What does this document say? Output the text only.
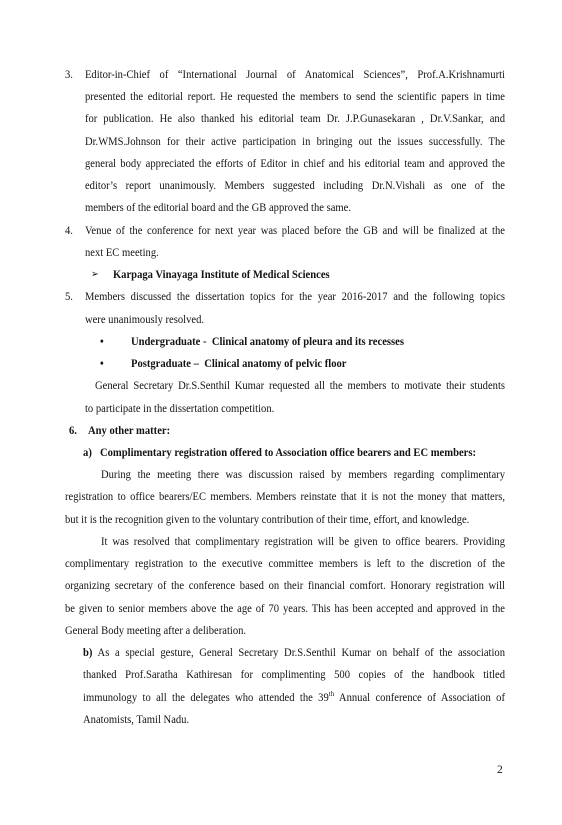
3. Editor-in-Chief of “International Journal of Anatomical Sciences”, Prof.A.Krishnamurti
presented the editorial report. He requested the members to send the scientific papers in time
for publication. He also thanked his editorial team Dr. J.P.Gunasekaran , Dr.V.Sankar, and
Dr.WMS.Johnson for their active participation in bringing out the issues successfully. The
general body appreciated the efforts of Editor in chief and his editorial team and approved the
editor’s report unanimously. Members suggested including Dr.N.Vishali as one of the
members of the editorial board and the GB approved the same.
4. Venue of the conference for next year was placed before the GB and will be finalized at the
next EC meeting.
➢ Karpaga Vinayaga Institute of Medical Sciences
5. Members discussed the dissertation topics for the year 2016-2017 and the following topics
were unanimously resolved.
• Undergraduate -  Clinical anatomy of pleura and its recesses
• Postgraduate –  Clinical anatomy of pelvic floor
General Secretary Dr.S.Senthil Kumar requested all the members to motivate their students
to participate in the dissertation competition.
6. Any other matter:
a) Complimentary registration offered to Association office bearers and EC members:
During the meeting there was discussion raised by members regarding complimentary
registration to office bearers/EC members. Members reinstate that it is not the money that matters,
but it is the recognition given to the voluntary contribution of their time, effort, and knowledge.
It was resolved that complimentary registration will be given to office bearers. Providing
complimentary registration to the executive committee members is left to the discretion of the
organizing secretary of the conference based on their financial comfort. Honorary registration will
be given to senior members above the age of 70 years. This has been accepted and approved in the
General Body meeting after a deliberation.
b) As a special gesture, General Secretary Dr.S.Senthil Kumar on behalf of the association
thanked Prof.Saratha Kathiresan for complimenting 500 copies of the handbook titled
immunology to all the delegates who attended the 39th Annual conference of Association of
Anatomists, Tamil Nadu.
2
